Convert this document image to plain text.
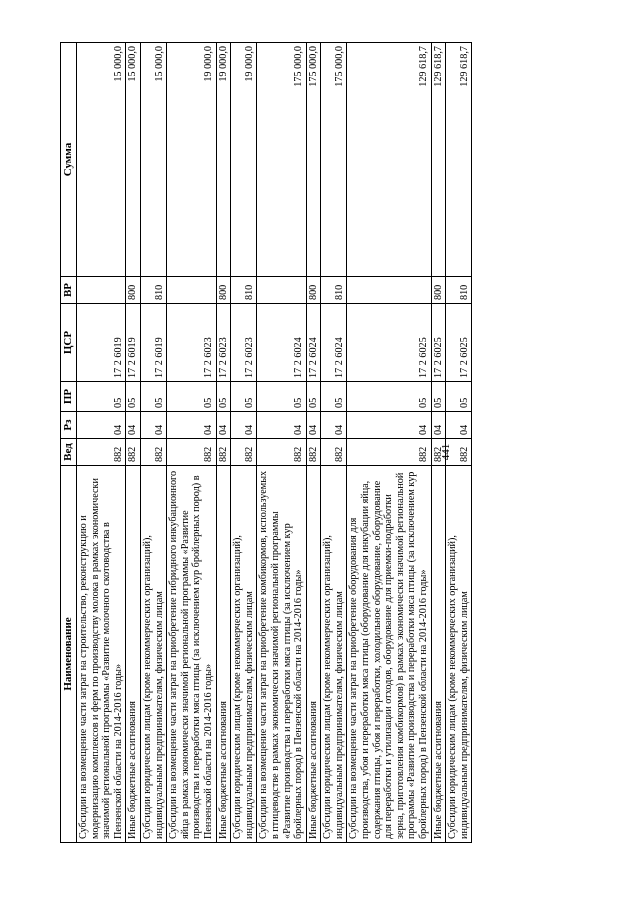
441
Наименование	Вед	Рз	ПР	ЦСР	ВР	Сумма
Субсидии на возмещение части затрат на строительство, реконструкцию и модернизацию комплексов и ферм по производству молока в рамках экономически значимой региональной программы «Развитие молочного скотоводства в Пензенской области на 2014-2016 годы»	882	04	05	17 2 6019		15 000,0
Иные бюджетные ассигнования	882	04	05	17 2 6019	800	15 000,0
Субсидии юридическим лицам (кроме некоммерческих организаций), индивидуальным предпринимателям, физическим лицам	882	04	05	17 2 6019	810	15 000,0
Субсидии на возмещение части затрат на приобретение гибридного инкубационного яйца в рамках экономически значимой региональной программы «Развитие производства и переработки мяса птицы (за исключением кур бройлерных пород) в Пензенской области на 2014-2016 годы»	882	04	05	17 2 6023		19 000,0
Иные бюджетные ассигнования	882	04	05	17 2 6023	800	19 000,0
Субсидии юридическим лицам (кроме некоммерческих организаций), индивидуальным предпринимателям, физическим лицам	882	04	05	17 2 6023	810	19 000,0
Субсидии на возмещение части затрат на приобретение комбикормов, используемых в птицеводстве в рамках экономически значимой региональной программы «Развитие производства и переработки мяса птицы (за исключением кур бройлерных пород) в Пензенской области на 2014-2016 годы»	882	04	05	17 2 6024		175 000,0
Иные бюджетные ассигнования	882	04	05	17 2 6024	800	175 000,0
Субсидии юридическим лицам (кроме некоммерческих организаций), индивидуальным предпринимателям, физическим лицам	882	04	05	17 2 6024	810	175 000,0
Субсидии на возмещение части затрат на приобретение оборудования для производства, убоя и переработки мяса птицы (оборудование для инкубации яйца, содержания птицы, убоя и переработки, холодильное оборудование, оборудование для переработки и утилизации отходов, оборудование для приемки-подработки зерна, приготовления комбикормов) в рамках экономически значимой региональной программы «Развитие производства и переработки мяса птицы (за исключением кур бройлерных пород) в Пензенской области на 2014-2016 годы»	882	04	05	17 2 6025		129 618,7
Иные бюджетные ассигнования	882	04	05	17 2 6025	800	129 618,7
Субсидии юридическим лицам (кроме некоммерческих организаций), индивидуальным предпринимателям, физическим лицам	882	04	05	17 2 6025	810	129 618,7
